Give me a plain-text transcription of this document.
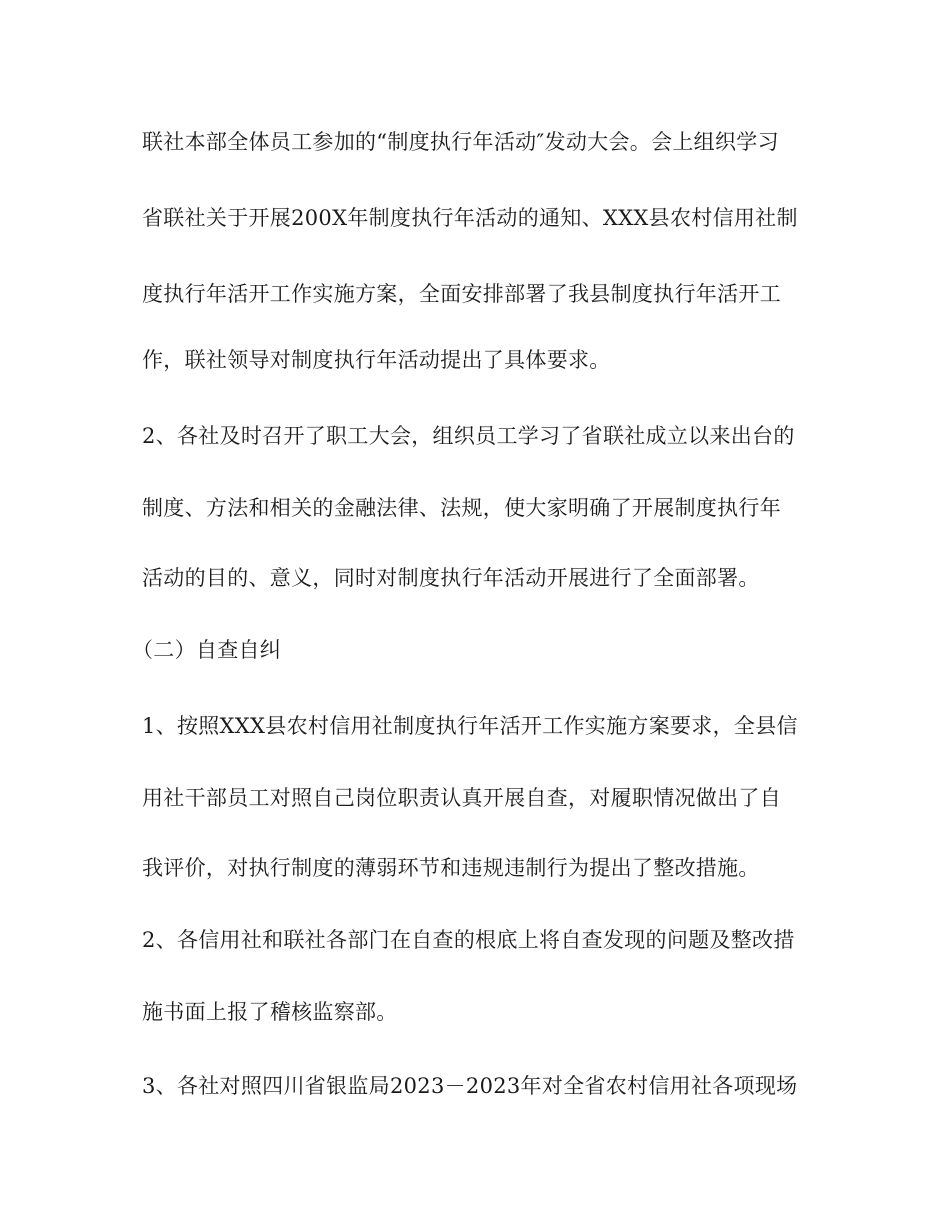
联社本部全体员工参加的“制度执行年活动″发动大会。会上组织学习
省联社关于开展200X年制度执行年活动的通知、XXX县农村信用社制
度执行年活开工作实施方案，全面安排部署了我县制度执行年活开工
作，联社领导对制度执行年活动提出了具体要求。
2、各社及时召开了职工大会，组织员工学习了省联社成立以来出台的
制度、方法和相关的金融法律、法规，使大家明确了开展制度执行年
活动的目的、意义，同时对制度执行年活动开展进行了全面部署。
（二）自查自纠
1、按照XXX县农村信用社制度执行年活开工作实施方案要求，全县信
用社干部员工对照自己岗位职责认真开展自查，对履职情况做出了自
我评价，对执行制度的薄弱环节和违规违制行为提出了整改措施。
2、各信用社和联社各部门在自查的根底上将自查发现的问题及整改措
施书面上报了稽核监察部。
3、各社对照四川省银监局2023－2023年对全省农村信用社各项现场
